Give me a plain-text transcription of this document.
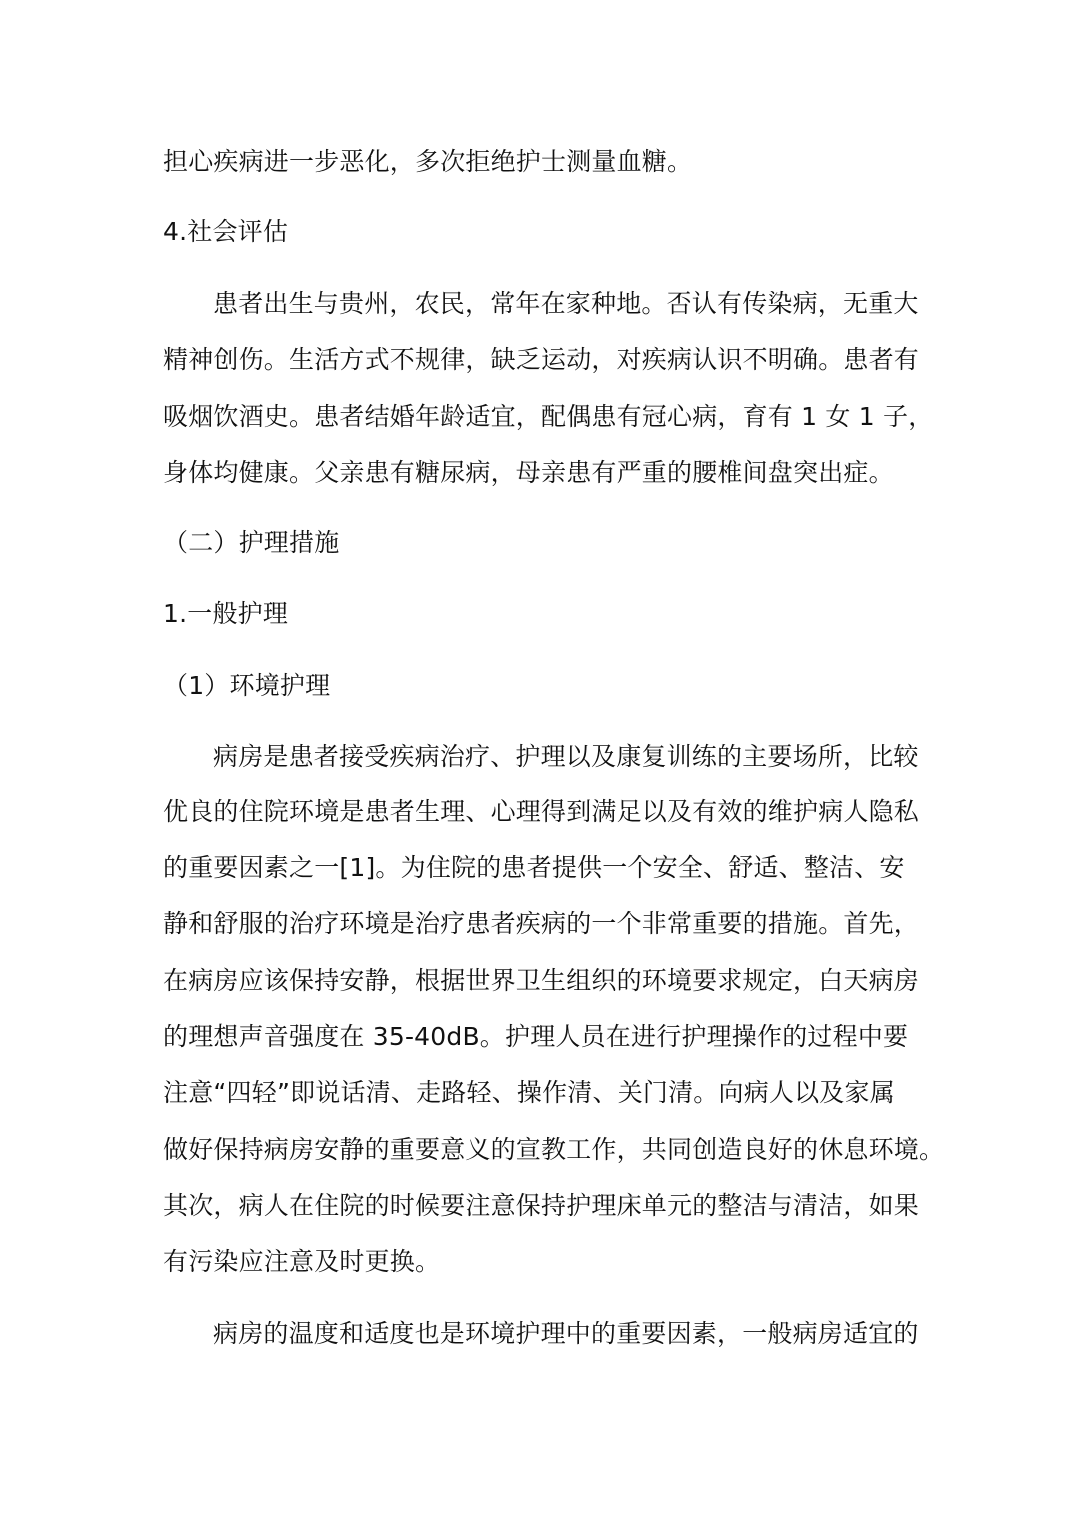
担心疾病进一步恶化，多次拒绝护士测量血糖。
4.社会评估
患者出生与贵州，农民，常年在家种地。否认有传染病，无重大
精神创伤。生活方式不规律，缺乏运动，对疾病认识不明确。患者有
吸烟饮酒史。患者结婚年龄适宜，配偶患有冠心病，育有 1 女 1 子，
身体均健康。父亲患有糖尿病，母亲患有严重的腰椎间盘突出症。
（二）护理措施
1.一般护理
（1）环境护理
病房是患者接受疾病治疗、护理以及康复训练的主要场所，比较
优良的住院环境是患者生理、心理得到满足以及有效的维护病人隐私
的重要因素之一[1]。为住院的患者提供一个安全、舒适、整洁、安
静和舒服的治疗环境是治疗患者疾病的一个非常重要的措施。首先，
在病房应该保持安静，根据世界卫生组织的环境要求规定，白天病房
的理想声音强度在 35-40dB。护理人员在进行护理操作的过程中要
注意“四轻”即说话清、走路轻、操作清、关门清。向病人以及家属
做好保持病房安静的重要意义的宣教工作，共同创造良好的休息环境。
其次，病人在住院的时候要注意保持护理床单元的整洁与清洁，如果
有污染应注意及时更换。
病房的温度和适度也是环境护理中的重要因素，一般病房适宜的
